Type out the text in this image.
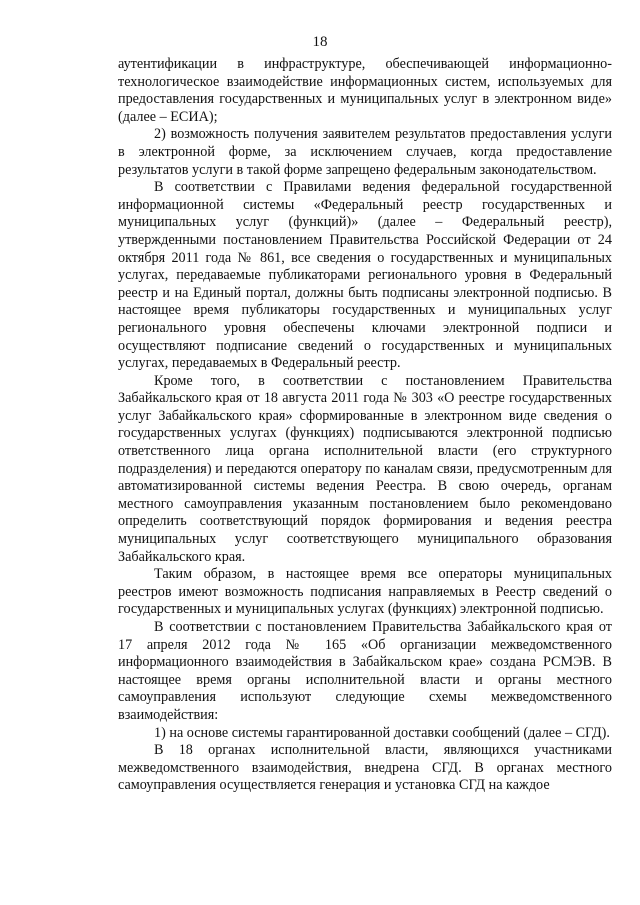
18

аутентификации в инфраструктуре, обеспечивающей информационно-технологическое взаимодействие информационных систем, используемых для предоставления государственных и муниципальных услуг в электронном виде» (далее – ЕСИА);

2) возможность получения заявителем результатов предоставления услуги в электронной форме, за исключением случаев, когда предоставление результатов услуги в такой форме запрещено федеральным законодательством.

В соответствии с Правилами ведения федеральной государственной информационной системы «Федеральный реестр государственных и муниципальных услуг (функций)» (далее – Федеральный реестр), утвержденными постановлением Правительства Российской Федерации от 24 октября 2011 года № 861, все сведения о государственных и муниципальных услугах, передаваемые публикаторами регионального уровня в Федеральный реестр и на Единый портал, должны быть подписаны электронной подписью. В настоящее время публикаторы государственных и муниципальных услуг регионального уровня обеспечены ключами электронной подписи и осуществляют подписание сведений о государственных и муниципальных услугах, передаваемых в Федеральный реестр.

Кроме того, в соответствии с постановлением Правительства Забайкальского края от 18 августа 2011 года № 303 «О реестре государственных услуг Забайкальского края» сформированные в электронном виде сведения о государственных услугах (функциях) подписываются электронной подписью ответственного лица органа исполнительной власти (его структурного подразделения) и передаются оператору по каналам связи, предусмотренным для автоматизированной системы ведения Реестра. В свою очередь, органам местного самоуправления указанным постановлением было рекомендовано определить соответствующий порядок формирования и ведения реестра муниципальных услуг соответствующего муниципального образования Забайкальского края.

Таким образом, в настоящее время все операторы муниципальных реестров имеют возможность подписания направляемых в Реестр сведений о государственных и муниципальных услугах (функциях) электронной подписью.

В соответствии с постановлением Правительства Забайкальского края от 17 апреля 2012 года № 165 «Об организации межведомственного информационного взаимодействия в Забайкальском крае» создана РСМЭВ. В настоящее время органы исполнительной власти и органы местного самоуправления используют следующие схемы межведомственного взаимодействия:

1) на основе системы гарантированной доставки сообщений (далее – СГД).

В 18 органах исполнительной власти, являющихся участниками межведомственного взаимодействия, внедрена СГД. В органах местного самоуправления осуществляется генерация и установка СГД на каждое
